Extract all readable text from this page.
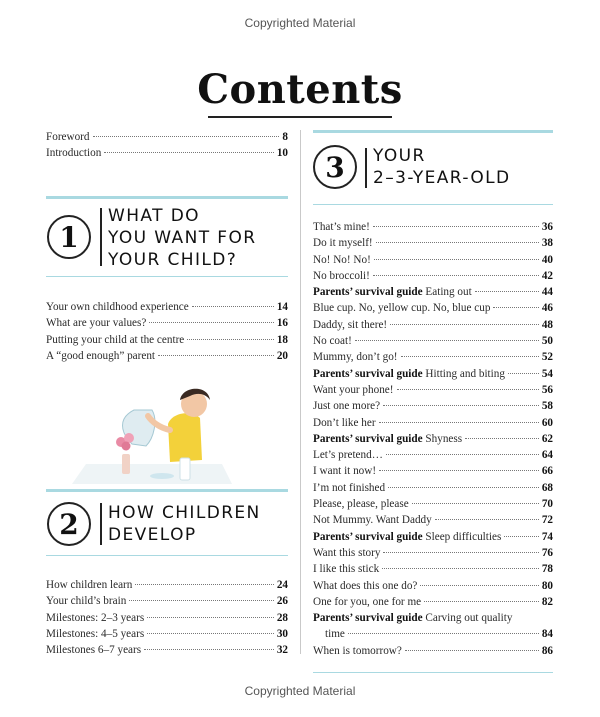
Copyrighted Material
Contents
Foreword	8
Introduction	10
1
WHAT DO
YOU WANT FOR
YOUR CHILD?
Your own childhood experience	14
What are your values?	16
Putting your child at the centre	18
A “good enough” parent	20
2	HOW CHILDREN
DEVELOP
How children learn	24
Your child’s brain	26
Milestones: 2–3 years	28
Milestones: 4–5 years	30
Milestones 6–7 years	32
3	YOUR
2–3-YEAR-OLD
That’s mine!	36
Do it myself!	38
No! No! No!	40
No broccoli!	42
Parents’ survival guide Eating out	44
Blue cup. No, yellow cup. No, blue cup	46
Daddy, sit there!	48
No coat!	50
Mummy, don’t go!	52
Parents’ survival guide Hitting and biting	54
Want your phone!	56
Just one more?	58
Don’t like her	60
Parents’ survival guide Shyness	62
Let’s pretend…	64
I want it now!	66
I’m not finished	68
Please, please, please	70
Not Mummy. Want Daddy	72
Parents’ survival guide Sleep difficulties	74
Want this story	76
I like this stick	78
What does this one do?	80
One for you, one for me	82
Parents’ survival guide Carving out quality
time	84
When is tomorrow?	86
Copyrighted Material
